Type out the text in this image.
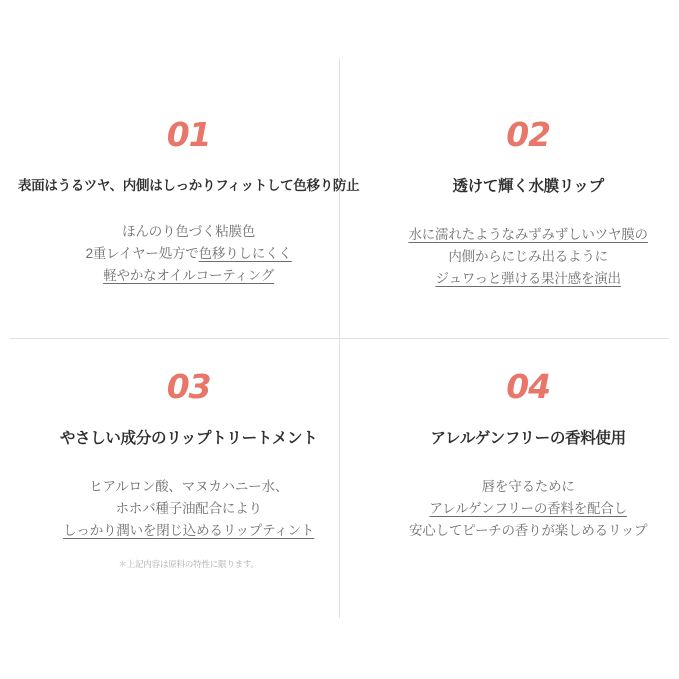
01
表面はうるツヤ、内側はしっかりフィットして色移り防止
ほんのり色づく粘膜色
2重レイヤー処方で色移りしにくく
軽やかなオイルコーティング
02
透けて輝く水膜リップ
水に濡れたようなみずみずしいツヤ膜の
内側からにじみ出るように
ジュワっと弾ける果汁感を演出
03
やさしい成分のリップトリートメント
ヒアルロン酸、マヌカハニー水、
ホホバ種子油配合により
しっかり潤いを閉じ込めるリップティント
＊上記内容は原料の特性に限ります。
04
アレルゲンフリーの香料使用
唇を守るために
アレルゲンフリーの香料を配合し
安心してピーチの香りが楽しめるリップ
